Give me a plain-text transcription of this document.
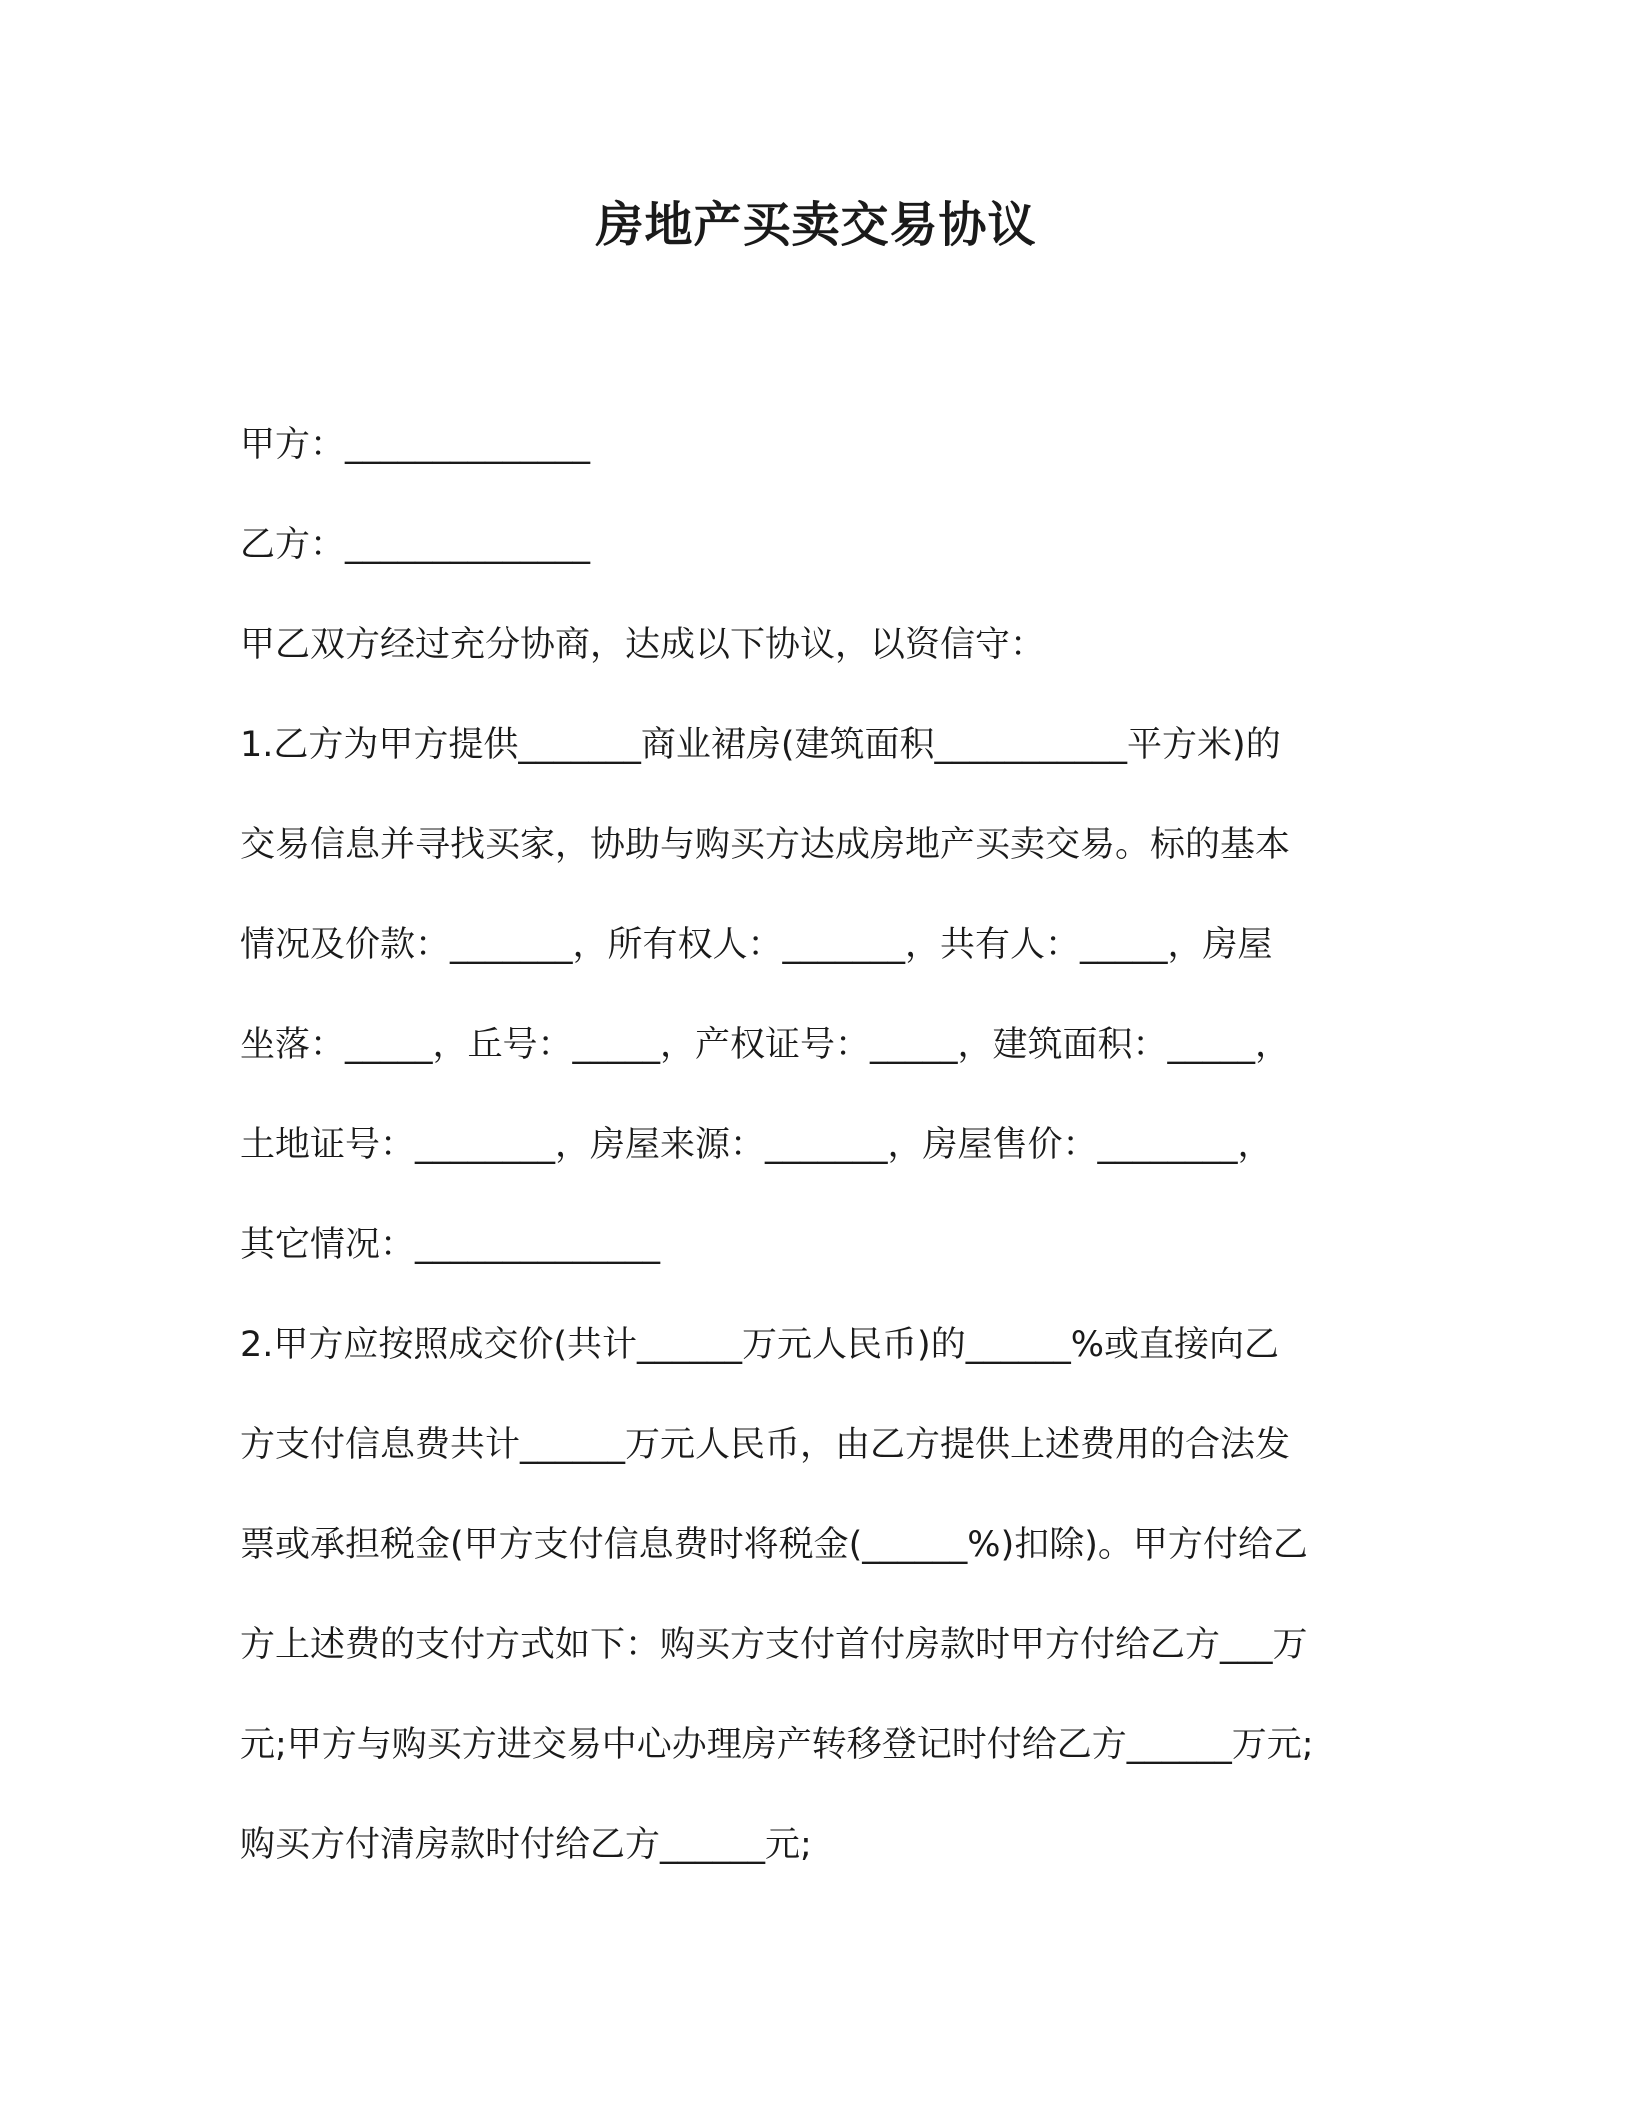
房地产买卖交易协议
甲方：______________
乙方：______________
甲乙双方经过充分协商，达成以下协议，以资信守：
1.乙方为甲方提供_______商业裙房(建筑面积___________平方米)的
交易信息并寻找买家，协助与购买方达成房地产买卖交易。标的基本
情况及价款：_______，所有权人：_______，共有人：_____，房屋
坐落：_____，丘号：_____，产权证号：_____，建筑面积：_____，
土地证号：________，房屋来源：_______，房屋售价：________，
其它情况：______________
2.甲方应按照成交价(共计______万元人民币)的______%或直接向乙
方支付信息费共计______万元人民币，由乙方提供上述费用的合法发
票或承担税金(甲方支付信息费时将税金(______%)扣除)。甲方付给乙
方上述费的支付方式如下：购买方支付首付房款时甲方付给乙方___万
元;甲方与购买方进交易中心办理房产转移登记时付给乙方______万元;
购买方付清房款时付给乙方______元;
